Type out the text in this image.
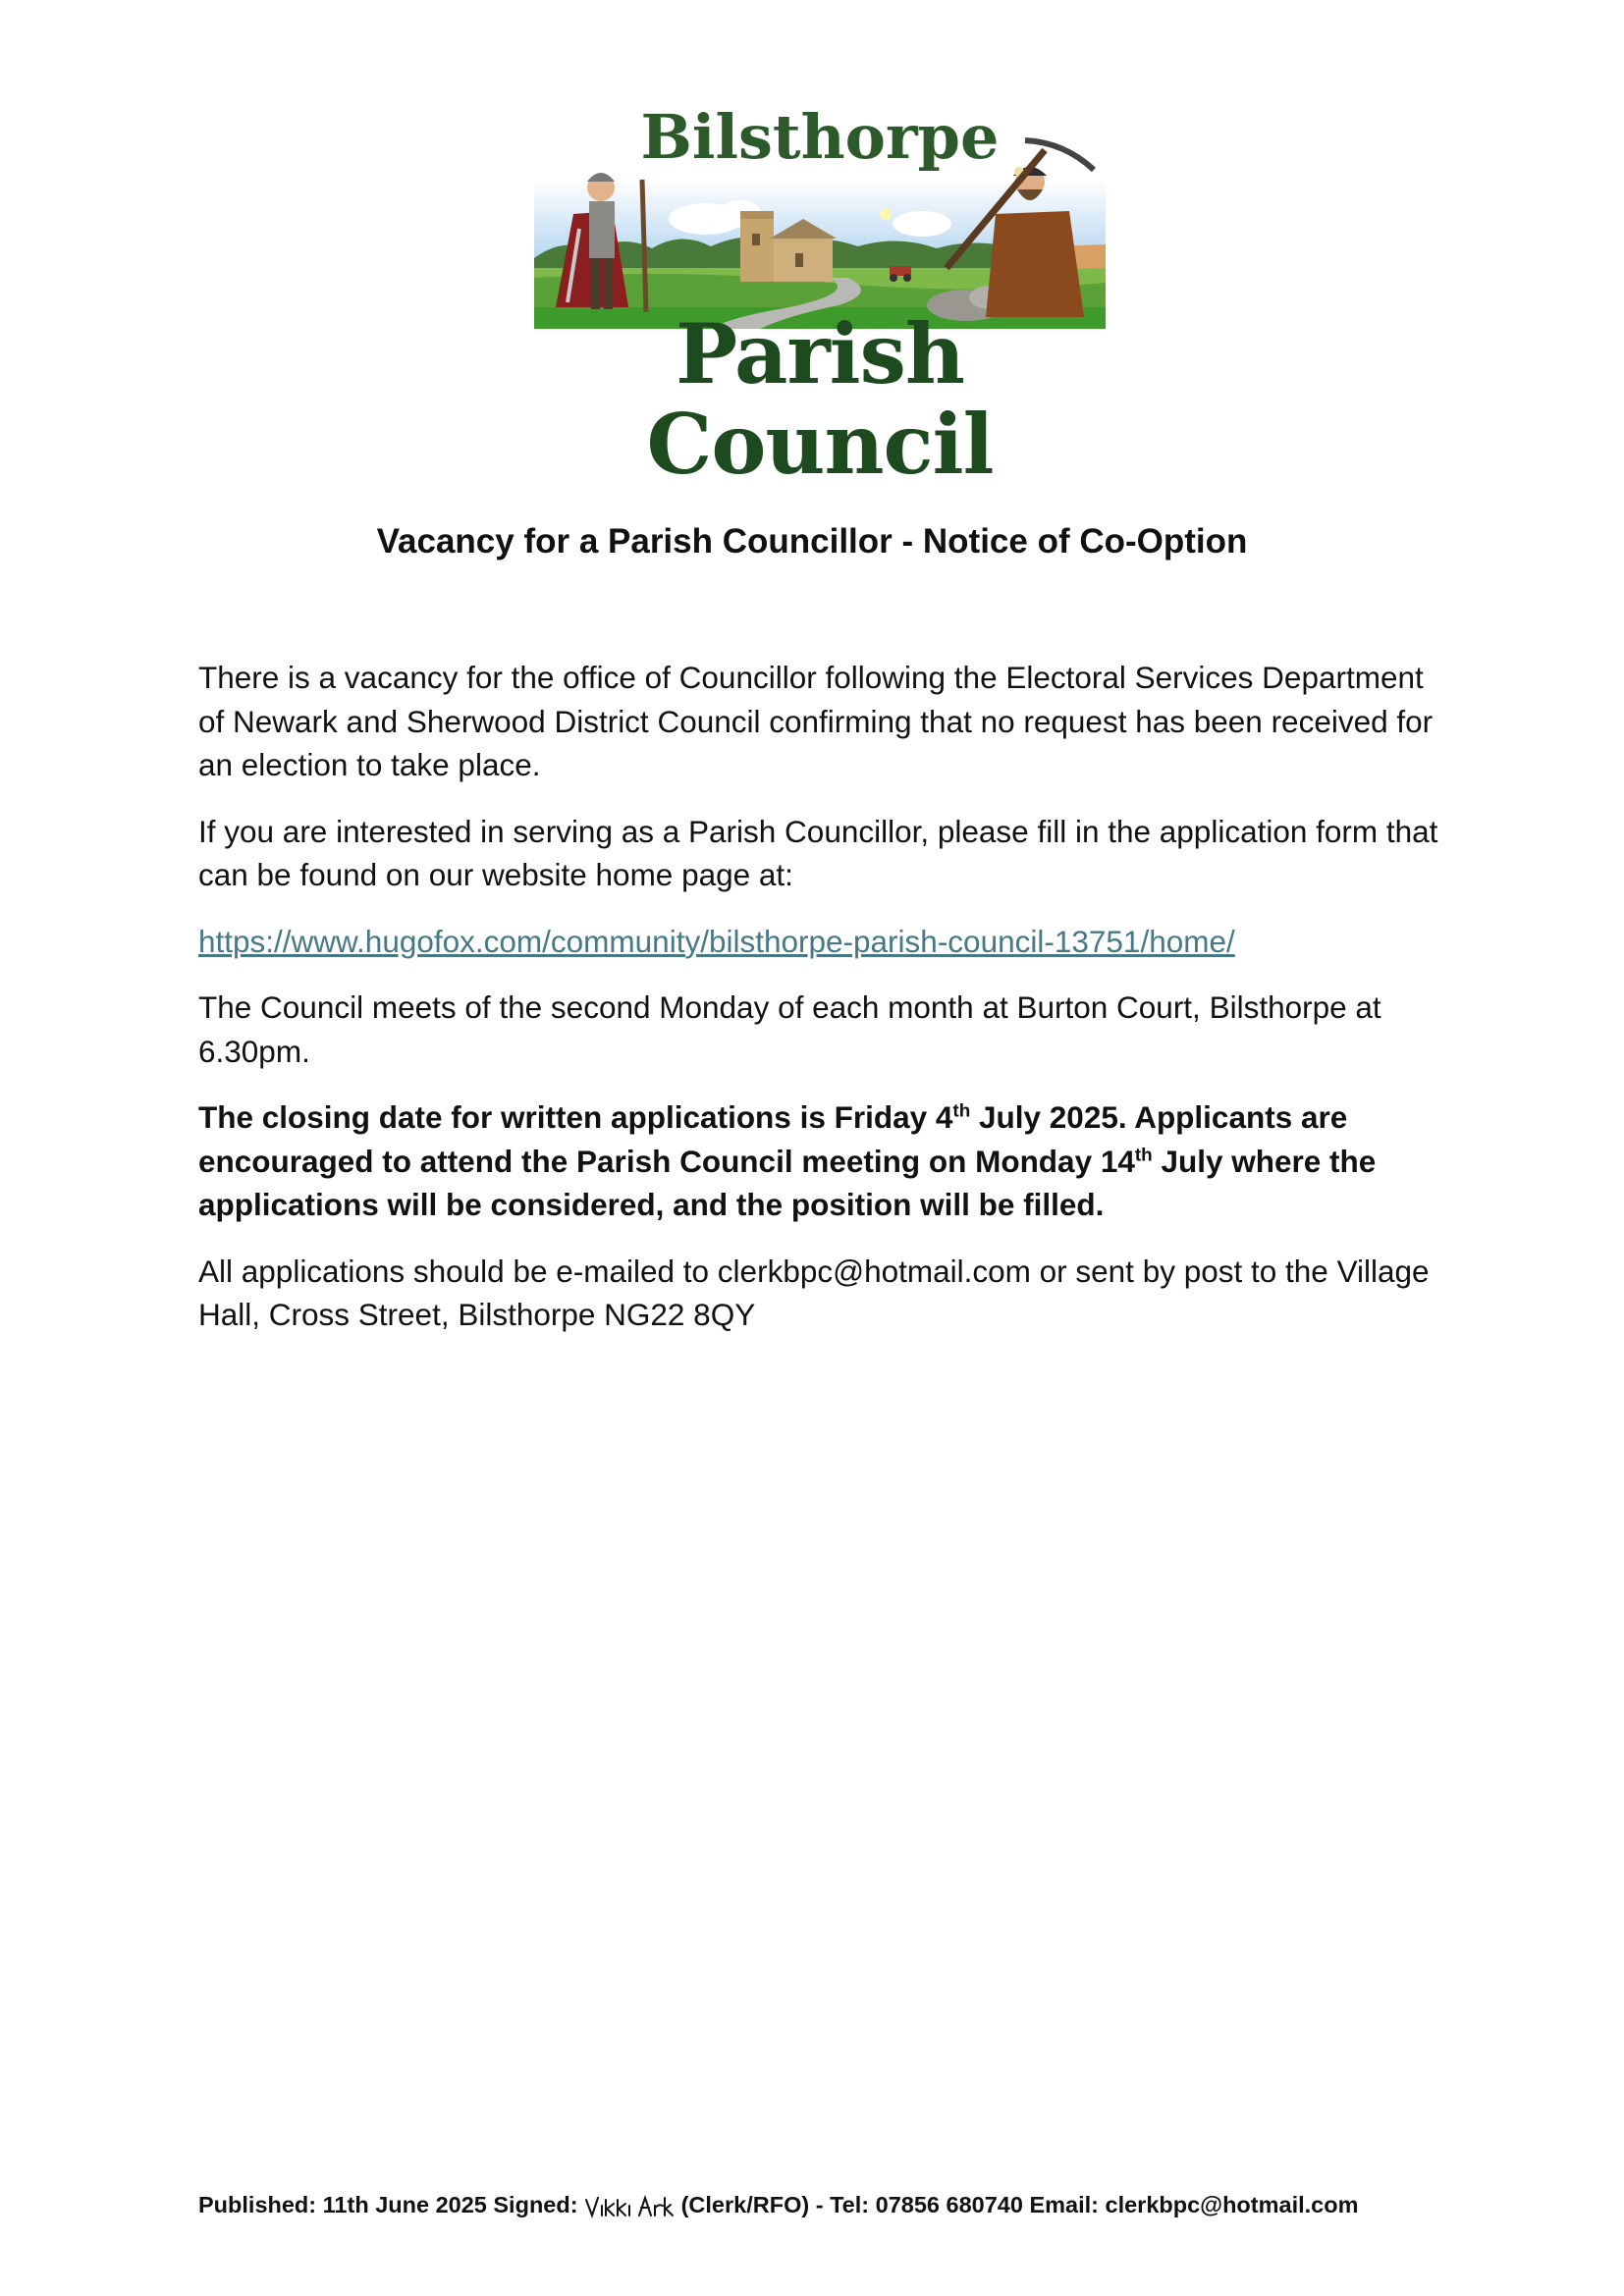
Bilsthorpe
Parish Council
Vacancy for a Parish Councillor - Notice of Co-Option

There is a vacancy for the office of Councillor following the Electoral Services Department of Newark and Sherwood District Council confirming that no request has been received for an election to take place.

If you are interested in serving as a Parish Councillor, please fill in the application form that can be found on our website home page at:

https://www.hugofox.com/community/bilsthorpe-parish-council-13751/home/

The Council meets of the second Monday of each month at Burton Court, Bilsthorpe at 6.30pm.

The closing date for written applications is Friday 4th July 2025. Applicants are encouraged to attend the Parish Council meeting on Monday 14th July where the applications will be considered, and the position will be filled.

All applications should be e-mailed to clerkbpc@hotmail.com or sent by post to the Village Hall, Cross Street, Bilsthorpe NG22 8QY

Published: 11th June 2025 Signed:	(Clerk/RFO) - Tel: 07856 680740 Email: clerkbpc@hotmail.com
